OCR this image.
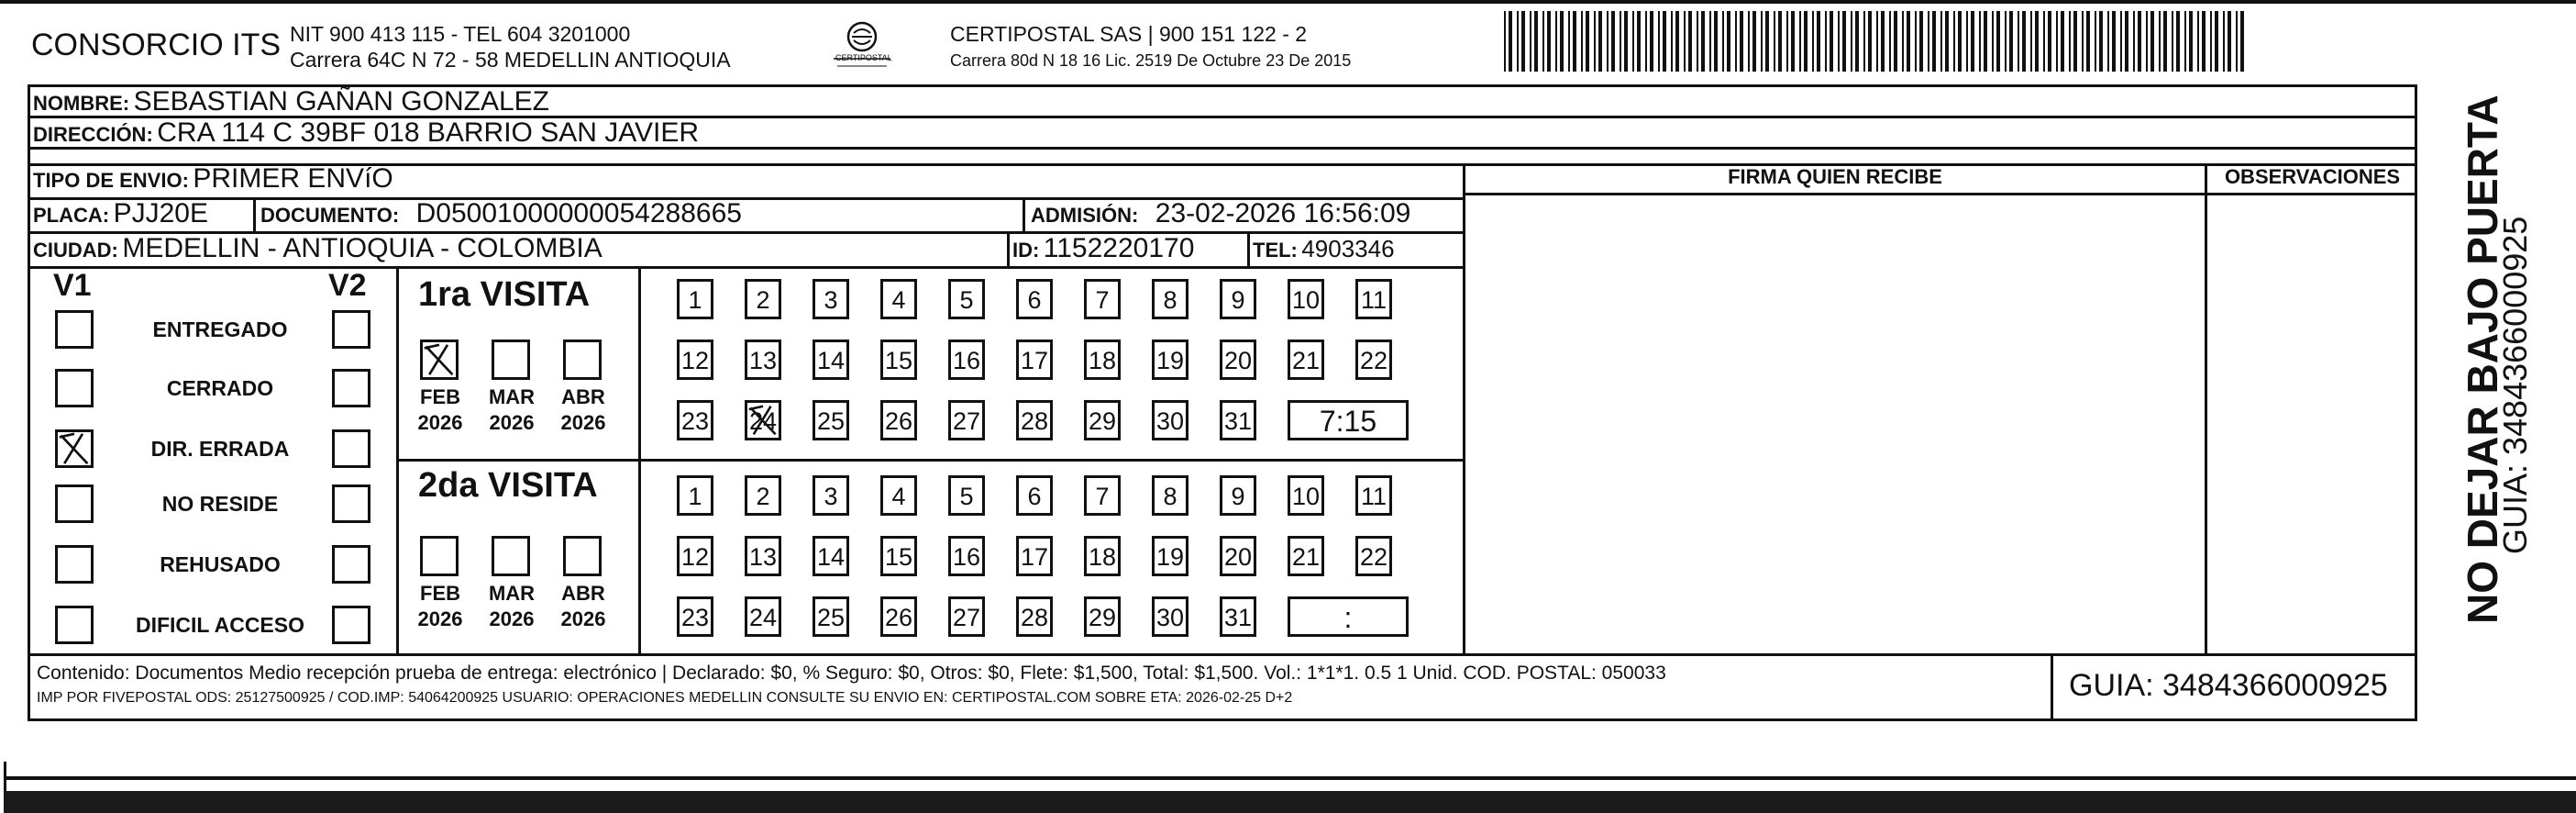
CONSORCIO ITS NIT 900 413 115 - TEL 604 3201000
Carrera 64C N 72 - 58 MEDELLIN ANTIOQUIA	CERTIPOSTAL
CERTIPOSTAL SAS | 900 151 122 - 2
Carrera 80d N 18 16 Lic. 2519 De Octubre 23 De 2015
NOMBRE: SEBASTIAN GAÑAN GONZALEZ
DIRECCIÓN: CRA 114 C 39BF 018 BARRIO SAN JAVIER
TIPO DE ENVIO: PRIMER ENVíO
PLACA: PJJ20E	DOCUMENTO: D05001000000054288665	ADMISIÓN: 23-02-2026 16:56:09
CIUDAD: MEDELLIN - ANTIOQUIA - COLOMBIA	ID: 1152220170	TEL: 4903346
FIRMA QUIEN RECIBE	OBSERVACIONES
V1	V2
ENTREGADO
CERRADO
DIR. ERRADA
NO RESIDE
REHUSADO
DIFICIL ACCESO
1ra VISITA
2da VISITA
FEB
2026
MAR
2026
ABR
2026
FEB
2026
MAR
2026
ABR
2026
1	2	3	4	5	6	7	8	9	10 11
12 13 14 15 16 17 18 19 20 21 22
23 24 25 26 27 28 29 30 31	7:15
1	2	3	4	5	6	7	8	9	10 11
12 13 14 15 16 17 18 19 20 21 22
23 24 25 26 27 28 29 30 31	:
Contenido: Documentos Medio recepción prueba de entrega: electrónico | Declarado: $0, % Seguro: $0, Otros: $0, Flete: $1,500, Total: $1,500. Vol.: 1*1*1. 0.5 1 Unid. COD. POSTAL: 050033
IMP POR FIVEPOSTAL ODS: 25127500925 / COD.IMP: 54064200925 USUARIO: OPERACIONES MEDELLIN CONSULTE SU ENVIO EN: CERTIPOSTAL.COM SOBRE ETA: 2026-02-25 D+2	GUIA: 3484366000925
NO DEJAR BAJO PUERTA
GUIA: 3484366000925
